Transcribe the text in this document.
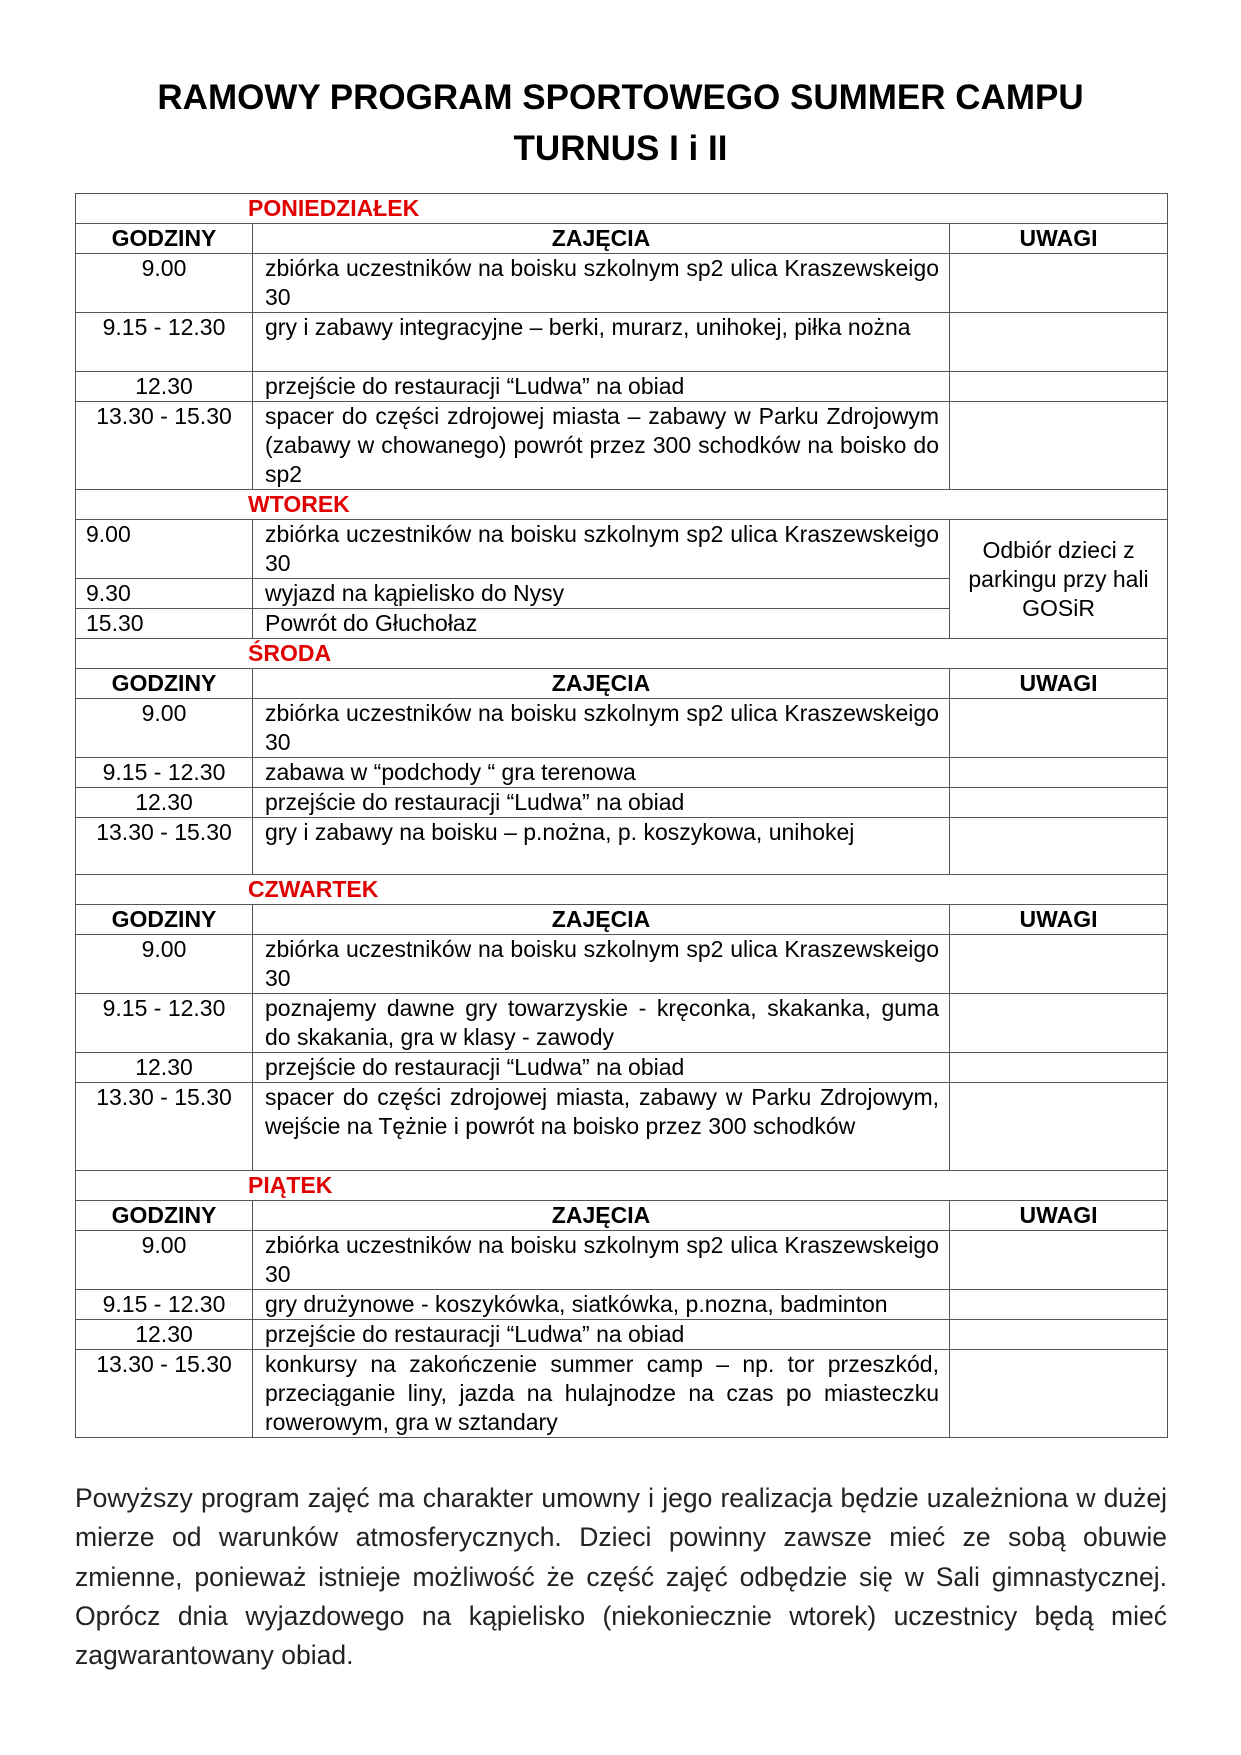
RAMOWY PROGRAM SPORTOWEGO SUMMER CAMPU
TURNUS I i II
PONIEDZIAŁEK		
GODZINY	ZAJĘCIA	UWAGI
9.00	zbiórka uczestników na boisku szkolnym sp2 ulica Kraszewskeigo 30	
9.15 - 12.30	gry i zabawy integracyjne – berki, murarz, unihokej, piłka nożna	
12.30	przejście do restauracji “Ludwa” na obiad	
13.30 - 15.30	spacer do części zdrojowej miasta – zabawy w Parku Zdrojowym (zabawy w chowanego) powrót przez 300 schodków na boisko do sp2	
WTOREK		
9.00	zbiórka uczestników na boisku szkolnym sp2 ulica Kraszewskeigo 30	Odbiór dzieci z
parkingu przy hali
GOSiR

9.30	wyjazd na kąpielisko do Nysy	
15.30	Powrót do Głuchołaz	
ŚRODA		
GODZINY	ZAJĘCIA	UWAGI
9.00	zbiórka uczestników na boisku szkolnym sp2 ulica Kraszewskeigo 30	
9.15 - 12.30	zabawa w “podchody “ gra terenowa	
12.30	przejście do restauracji “Ludwa” na obiad	
13.30 - 15.30	gry i zabawy na boisku – p.nożna, p. koszykowa, unihokej	
CZWARTEK		
GODZINY	ZAJĘCIA	UWAGI
9.00	zbiórka uczestników na boisku szkolnym sp2 ulica Kraszewskeigo 30	
9.15 - 12.30	poznajemy dawne gry towarzyskie - kręconka, skakanka, guma do skakania, gra w klasy - zawody	
12.30	przejście do restauracji “Ludwa” na obiad	
13.30 - 15.30	spacer do części zdrojowej miasta, zabawy w Parku Zdrojowym, wejście na Tężnie i powrót na boisko przez 300 schodków	
PIĄTEK		
GODZINY	ZAJĘCIA	UWAGI
9.00	zbiórka uczestników na boisku szkolnym sp2 ulica Kraszewskeigo 30	
9.15 - 12.30	gry drużynowe - koszykówka, siatkówka, p.nozna, badminton	
12.30	przejście do restauracji “Ludwa” na obiad	
13.30 - 15.30	konkursy na zakończenie summer camp – np. tor przeszkód, przeciąganie liny, jazda na hulajnodze na czas po miasteczku rowerowym, gra w sztandary	
Powyższy program zajęć ma charakter umowny i jego realizacja będzie uzależniona w dużej mierze od warunków atmosferycznych. Dzieci powinny zawsze mieć ze sobą obuwie zmienne, ponieważ istnieje możliwość że część zajęć odbędzie się w Sali gimnastycznej. Oprócz dnia wyjazdowego na kąpielisko (niekoniecznie wtorek) uczestnicy będą mieć zagwarantowany obiad.
